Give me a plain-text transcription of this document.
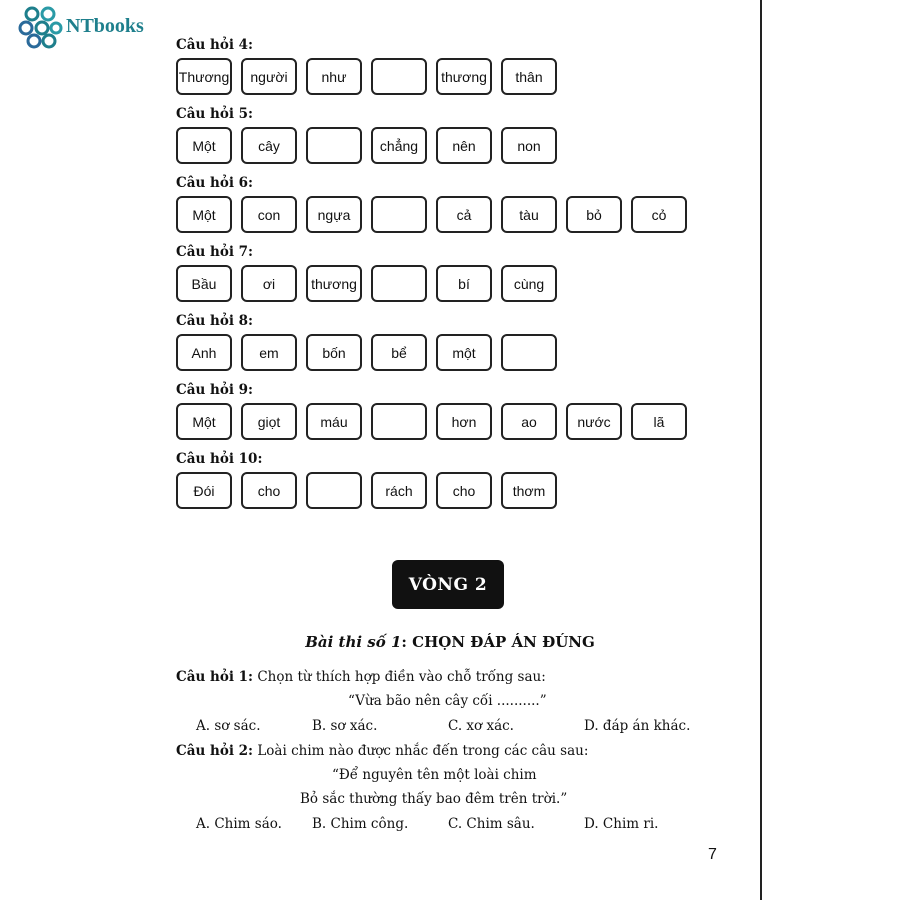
NTbooks
Câu hỏi 4:
Thương	người	như	thương	thân
Câu hỏi 5:
Một	cây	chẳng	nên	non
Câu hỏi 6:
Một	con	ngựa	cả	tàu	bỏ	cỏ
Câu hỏi 7:
Bầu	ơi	thương	bí	cùng
Câu hỏi 8:
Anh	em	bốn	bể	một
Câu hỏi 9:
Một	giọt	máu	hơn	ao	nước	lã
Câu hỏi 10:
Đói	cho	rách	cho	thơm
VÒNG 2
Bài thi số 1: CHỌN ĐÁP ÁN ĐÚNG
Câu hỏi 1: Chọn từ thích hợp điền vào chỗ trống sau:
“Vừa bão nên cây cối ..........”
A. sơ sác.	B. sơ xác.	C. xơ xác.	D. đáp án khác.
Câu hỏi 2: Loài chim nào được nhắc đến trong các câu sau:
“Để nguyên tên một loài chim
Bỏ sắc thường thấy bao đêm trên trời.”
A. Chim sáo. B. Chim công.	C. Chim sâu.	D. Chim ri.
7
